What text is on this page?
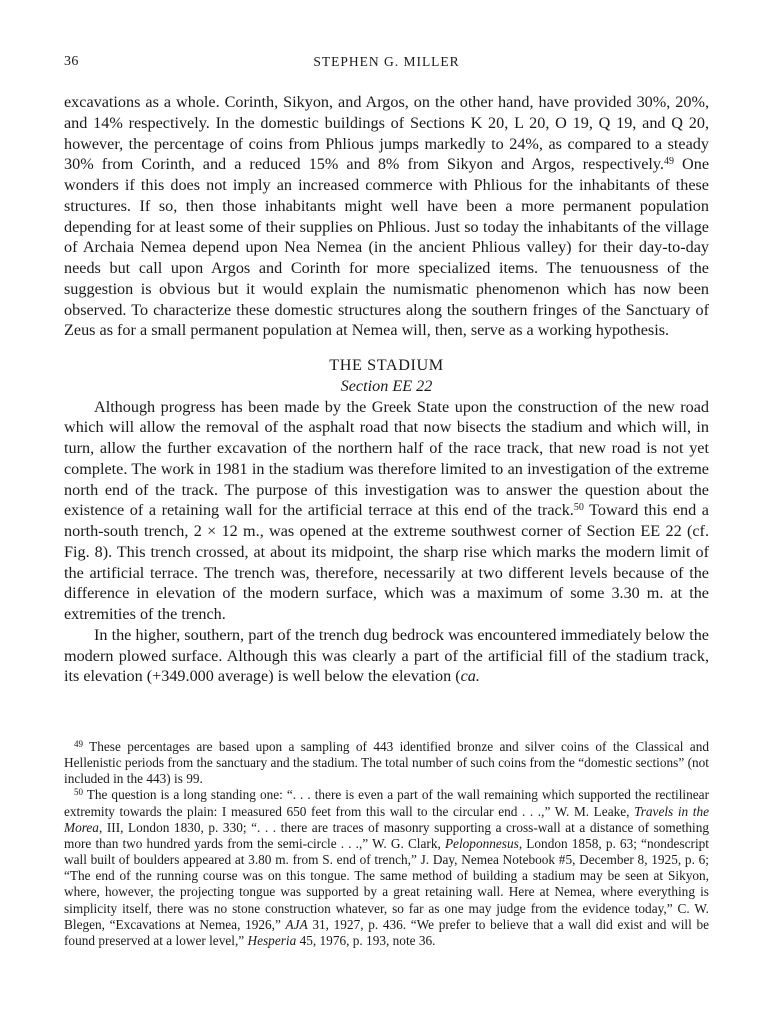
36	STEPHEN G. MILLER

excavations as a whole. Corinth, Sikyon, and Argos, on the other hand, have provided 30%, 20%, and 14% respectively. In the domestic buildings of Sections K 20, L 20, O 19, Q 19, and Q 20, however, the percentage of coins from Phlious jumps markedly to 24%, as compared to a steady 30% from Corinth, and a reduced 15% and 8% from Sikyon and Argos, respectively.$^{49}$ One wonders if this does not imply an increased commerce with Phlious for the inhabitants of these structures. If so, then those inhabitants might well have been a more permanent population depending for at least some of their supplies on Phlious. Just so today the inhabitants of the village of Archaia Nemea depend upon Nea Nemea (in the ancient Phlious valley) for their day-to-day needs but call upon Argos and Corinth for more specialized items. The tenuousness of the suggestion is obvious but it would explain the numismatic phenomenon which has now been observed. To characterize these domestic structures along the southern fringes of the Sanctuary of Zeus as for a small permanent population at Nemea will, then, serve as a working hypothesis.

THE STADIUM
Section EE 22

Although progress has been made by the Greek State upon the construction of the new road which will allow the removal of the asphalt road that now bisects the stadium and which will, in turn, allow the further excavation of the northern half of the race track, that new road is not yet complete. The work in 1981 in the stadium was therefore limited to an investigation of the extreme north end of the track. The purpose of this investigation was to answer the question about the existence of a retaining wall for the artificial terrace at this end of the track.$^{50}$ Toward this end a north-south trench, 2 × 12 m., was opened at the extreme southwest corner of Section EE 22 (cf. Fig. 8). This trench crossed, at about its midpoint, the sharp rise which marks the modern limit of the artificial terrace. The trench was, therefore, necessarily at two different levels because of the difference in elevation of the modern surface, which was a maximum of some 3.30 m. at the extremities of the trench.

In the higher, southern, part of the trench dug bedrock was encountered immediately below the modern plowed surface. Although this was clearly a part of the artificial fill of the stadium track, its elevation (+349.000 average) is well below the elevation (ca.

$^{49}$ These percentages are based upon a sampling of 443 identified bronze and silver coins of the Classical and Hellenistic periods from the sanctuary and the stadium. The total number of such coins from the “domestic sections” (not included in the 443) is 99.

$^{50}$ The question is a long standing one: “. . . there is even a part of the wall remaining which supported the rectilinear extremity towards the plain: I measured 650 feet from this wall to the circular end . . .,” W. M. Leake, Travels in the Morea, III, London 1830, p. 330; “. . . there are traces of masonry supporting a cross-wall at a distance of something more than two hundred yards from the semi-circle . . .,” W. G. Clark, Peloponnesus, London 1858, p. 63; “nondescript wall built of boulders appeared at 3.80 m. from S. end of trench,” J. Day, Nemea Notebook #5, December 8, 1925, p. 6; “The end of the running course was on this tongue. The same method of building a stadium may be seen at Sikyon, where, however, the projecting tongue was supported by a great retaining wall. Here at Nemea, where everything is simplicity itself, there was no stone construction whatever, so far as one may judge from the evidence today,” C. W. Blegen, “Excavations at Nemea, 1926,” AJA 31, 1927, p. 436. “We prefer to believe that a wall did exist and will be found preserved at a lower level,” Hesperia 45, 1976, p. 193, note 36.
